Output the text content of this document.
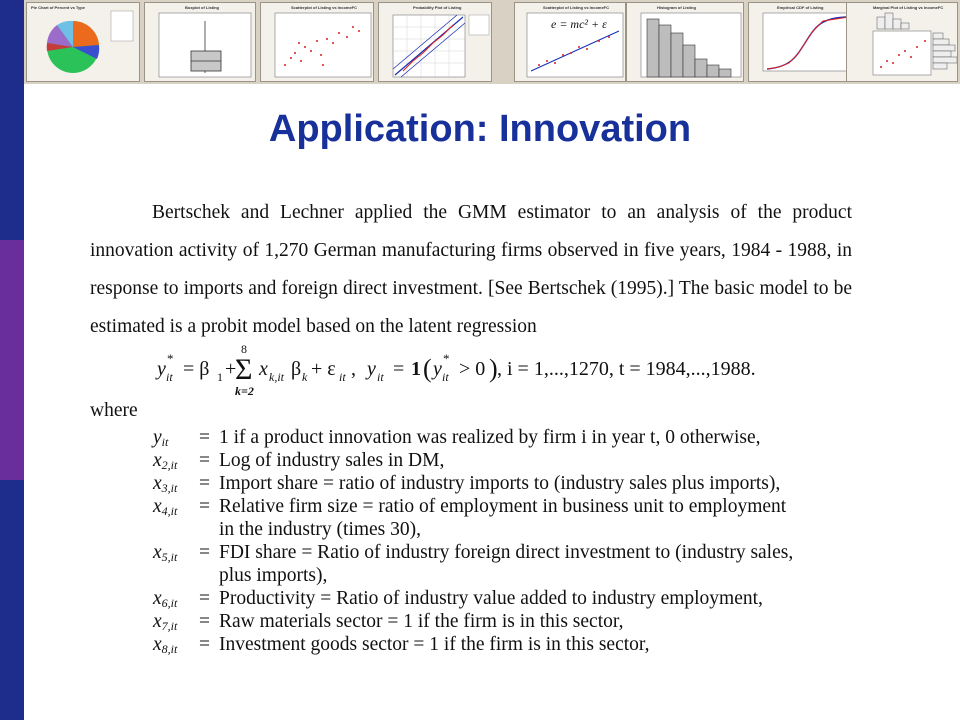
Pie Chart of Percent vs Type	Boxplot of Listing	Scatterplot of Listing vs IncomeFC	Probability Plot of Listing	Scatterplot of Listing vs IncomeFC
e = mc² + ε
Histogram of Listing	Empirical CDF of Listing	Marginal Plot of Listing vs IncomeFC
Application: Innovation
Bertschek and Lechner applied the GMM estimator to an analysis of the product innovation activity of 1,270 German manufacturing firms observed in five years, 1984 - 1988, in response to imports and foreign direct investment. [See Bertschek (1995).] The basic model to be estimated is a probit model based on the latent regression
y *
it = β 1 +
8
Σ
k=2
x k,it β k + ε it , y it = 1 ( y *
it > 0 ) , i = 1,...,1270, t = 1984,...,1988.
where
$y_{it}$	= 1 if a product innovation was realized by firm i in year t, 0 otherwise,
$x_{2,it}$	= Log of industry sales in DM,
$x_{3,it}$	= Import share = ratio of industry imports to (industry sales plus imports),
$x_{4,it}$	= Relative firm size = ratio of employment in business unit to employment
in the industry (times 30),
$x_{5,it}$	= FDI share = Ratio of industry foreign direct investment to (industry sales,
plus imports),
$x_{6,it}$	= Productivity = Ratio of industry value added to industry employment,
$x_{7,it}$	= Raw materials sector = 1 if the firm is in this sector,
$x_{8,it}$	= Investment goods sector = 1 if the firm is in this sector,
